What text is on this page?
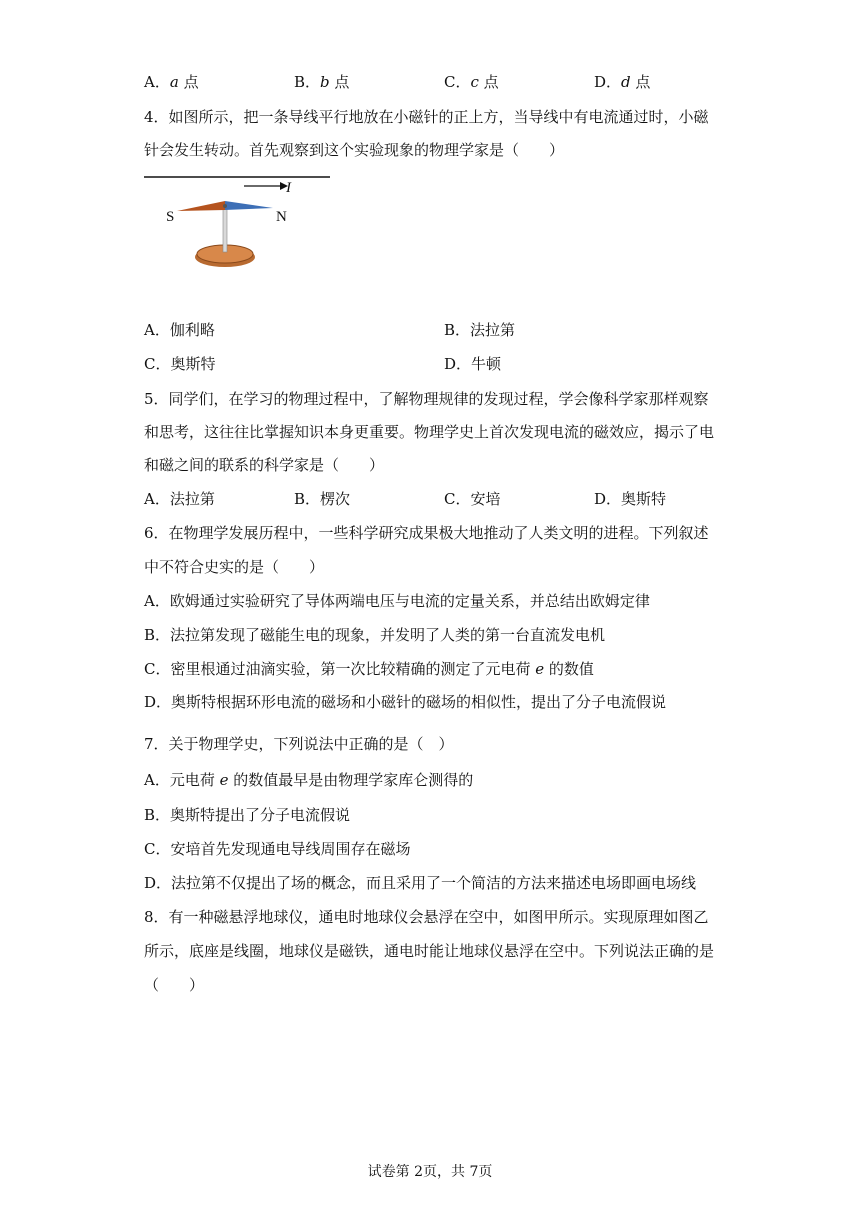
A．a 点	B．b 点	C．c 点	D．d 点
4．如图所示，把一条导线平行地放在小磁针的正上方，当导线中有电流通过时，小磁
针会发生转动。首先观察到这个实验现象的物理学家是（　　）
I
S	N
A．伽利略	B．法拉第
C．奥斯特	D．牛顿
5．同学们，在学习的物理过程中，了解物理规律的发现过程，学会像科学家那样观察
和思考，这往往比掌握知识本身更重要。物理学史上首次发现电流的磁效应，揭示了电
和磁之间的联系的科学家是（　　）
A．法拉第	B．楞次	C．安培	D．奥斯特
6．在物理学发展历程中，一些科学研究成果极大地推动了人类文明的进程。下列叙述
中不符合史实的是（　　）
A．欧姆通过实验研究了导体两端电压与电流的定量关系，并总结出欧姆定律
B．法拉第发现了磁能生电的现象，并发明了人类的第一台直流发电机
C．密里根通过油滴实验，第一次比较精确的测定了元电荷 e 的数值
D．奥斯特根据环形电流的磁场和小磁针的磁场的相似性，提出了分子电流假说
7．关于物理学史，下列说法中正确的是（　）
A．元电荷 e 的数值最早是由物理学家库仑测得的
B．奥斯特提出了分子电流假说
C．安培首先发现通电导线周围存在磁场
D．法拉第不仅提出了场的概念，而且采用了一个简洁的方法来描述电场即画电场线
8．有一种磁悬浮地球仪，通电时地球仪会悬浮在空中，如图甲所示。实现原理如图乙
所示，底座是线圈，地球仪是磁铁，通电时能让地球仪悬浮在空中。下列说法正确的是
（　　）
试卷第 2页，共 7页
